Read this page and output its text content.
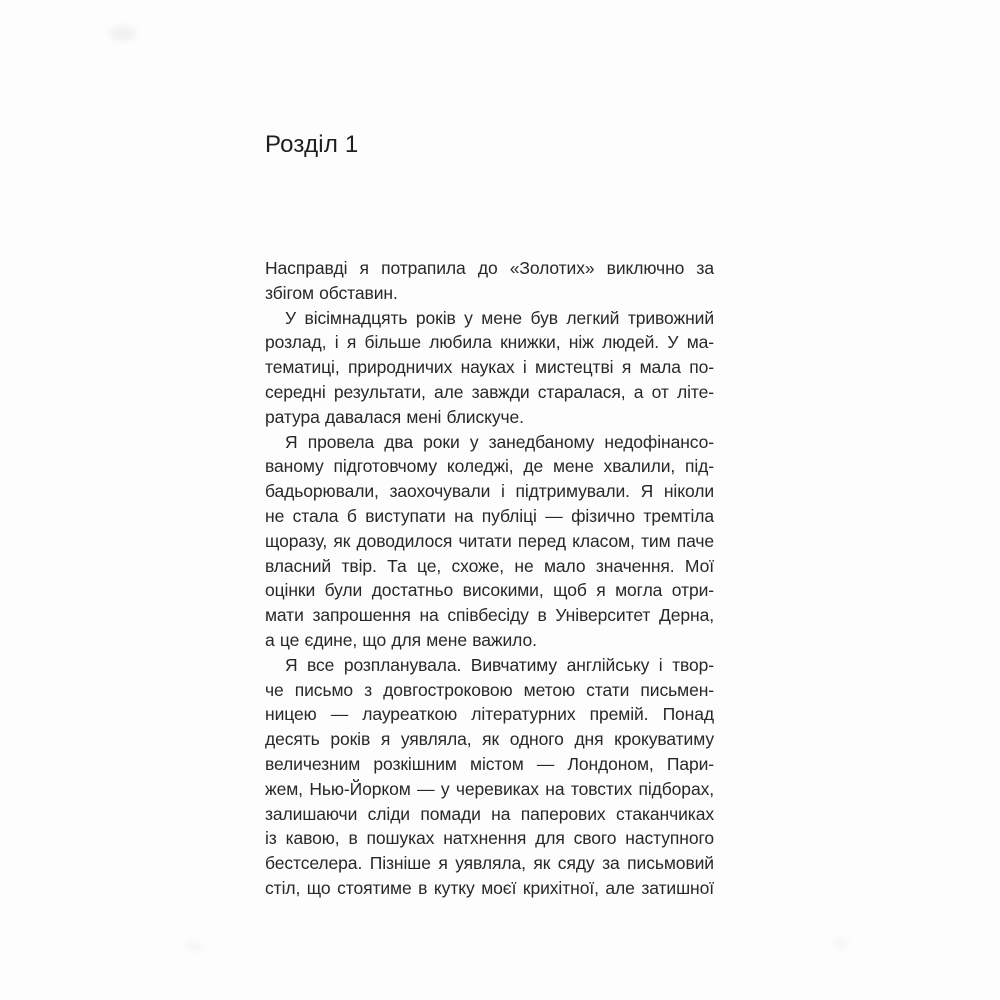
Розділ 1
Насправді я потрапила до «Золотих» виключно за
збігом обставин.
У вісімнадцять років у мене був легкий тривожний
розлад, і я більше любила книжки, ніж людей. У ма-
тематиці, природничих науках і мистецтві я мала по-
середні результати, але завжди старалася, а от літе-
ратура давалася мені блискуче.
Я провела два роки у занедбаному недофінансо-
ваному підготовчому коледжі, де мене хвалили, під-
бадьорювали, заохочували і підтримували. Я ніколи
не стала б виступати на публіці — фізично тремтіла
щоразу, як доводилося читати перед класом, тим паче
власний твір. Та це, схоже, не мало значення. Мої
оцінки були достатньо високими, щоб я могла отри-
мати запрошення на співбесіду в Університет Дерна,
а це єдине, що для мене важило.
Я все розпланувала. Вивчатиму англійську і твор-
че письмо з довгостроковою метою стати письмен-
ницею — лауреаткою літературних премій. Понад
десять років я уявляла, як одного дня крокуватиму
величезним розкішним містом — Лондоном, Пари-
жем, Нью-Йорком — у черевиках на товстих підборах,
залишаючи сліди помади на паперових стаканчиках
із кавою, в пошуках натхнення для свого наступного
бестселера. Пізніше я уявляла, як сяду за письмовий
стіл, що стоятиме в кутку моєї крихітної, але затишної
